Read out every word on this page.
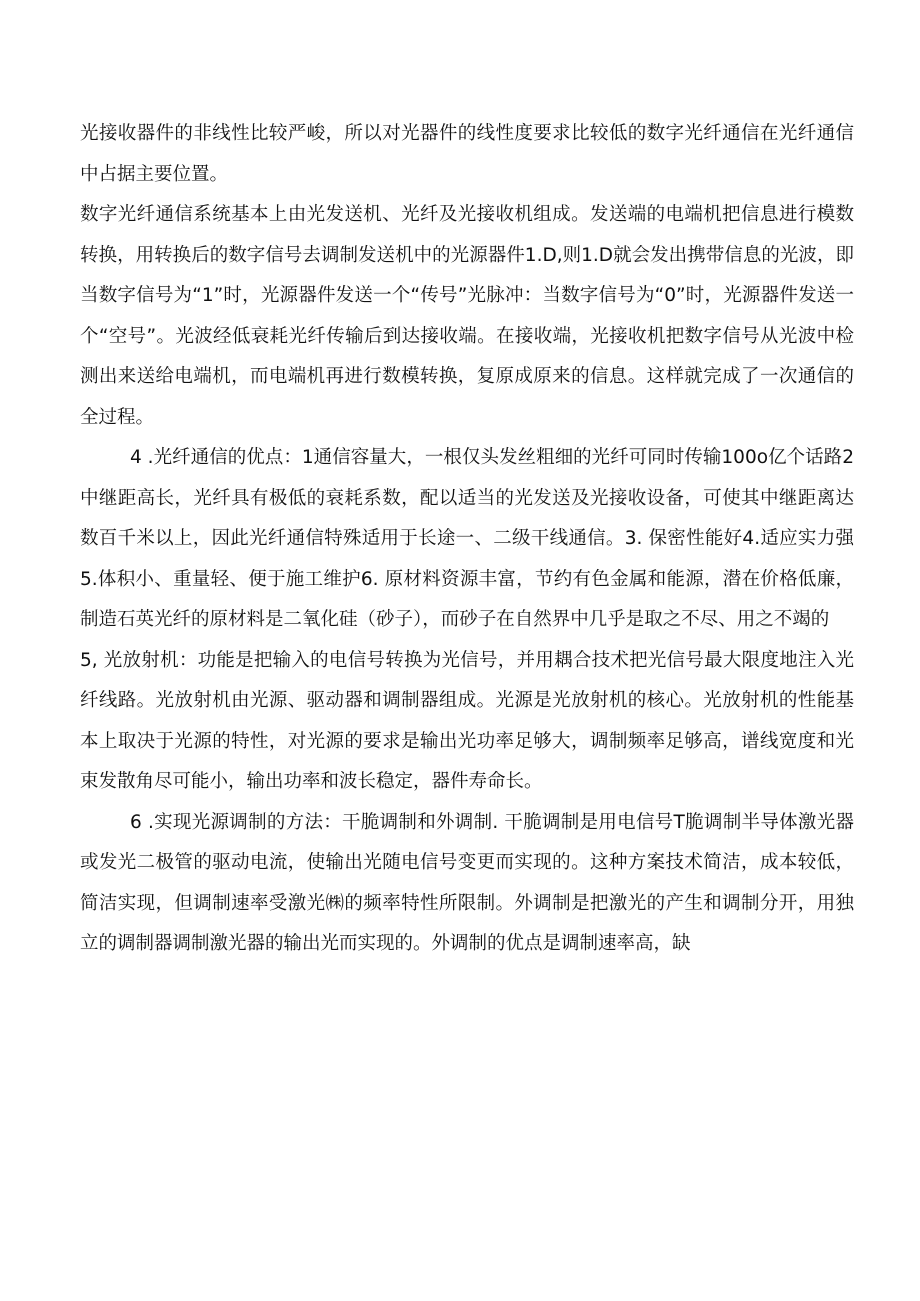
光接收器件的非线性比较严峻，所以对光器件的线性度要求比较低的数字光纤通信在光纤通信中占据主要位置。

数字光纤通信系统基本上由光发送机、光纤及光接收机组成。发送端的电端机把信息进行模数转换，用转换后的数字信号去调制发送机中的光源器件1.D,则1.D就会发出携带信息的光波，即当数字信号为“1”时，光源器件发送一个“传号”光脉冲：当数字信号为“0”时，光源器件发送一个“空号”。光波经低衰耗光纤传输后到达接收端。在接收端，光接收机把数字信号从光波中检测出来送给电端机，而电端机再进行数模转换，复原成原来的信息。这样就完成了一次通信的全过程。

4 .光纤通信的优点：1通信容量大，一根仅头发丝粗细的光纤可同时传输100o亿个话路2中继距高长，光纤具有极低的衰耗系数，配以适当的光发送及光接收设备，可使其中继距离达数百千米以上，因此光纤通信特殊适用于长途一、二级干线通信。3. 保密性能好4.适应实力强5.体积小、重量轻、便于施工维护6. 原材料资源丰富，节约有色金属和能源，潜在价格低廉，制造石英光纤的原材料是二氧化硅（砂子），而砂子在自然界中几乎是取之不尽、用之不竭的

5, 光放射机：功能是把输入的电信号转换为光信号，并用耦合技术把光信号最大限度地注入光纤线路。光放射机由光源、驱动器和调制器组成。光源是光放射机的核心。光放射机的性能基本上取决于光源的特性，对光源的要求是输出光功率足够大，调制频率足够高，谱线宽度和光束发散角尽可能小，输出功率和波长稳定，器件寿命长。

6 .实现光源调制的方法：干脆调制和外调制. 干脆调制是用电信号T脆调制半导体激光器或发光二极管的驱动电流，使输出光随电信号变更而实现的。这种方案技术简洁，成本较低，简洁实现，但调制速率受激光㈱的频率特性所限制。外调制是把激光的产生和调制分开，用独立的调制器调制激光器的输出光而实现的。外调制的优点是调制速率高，缺
